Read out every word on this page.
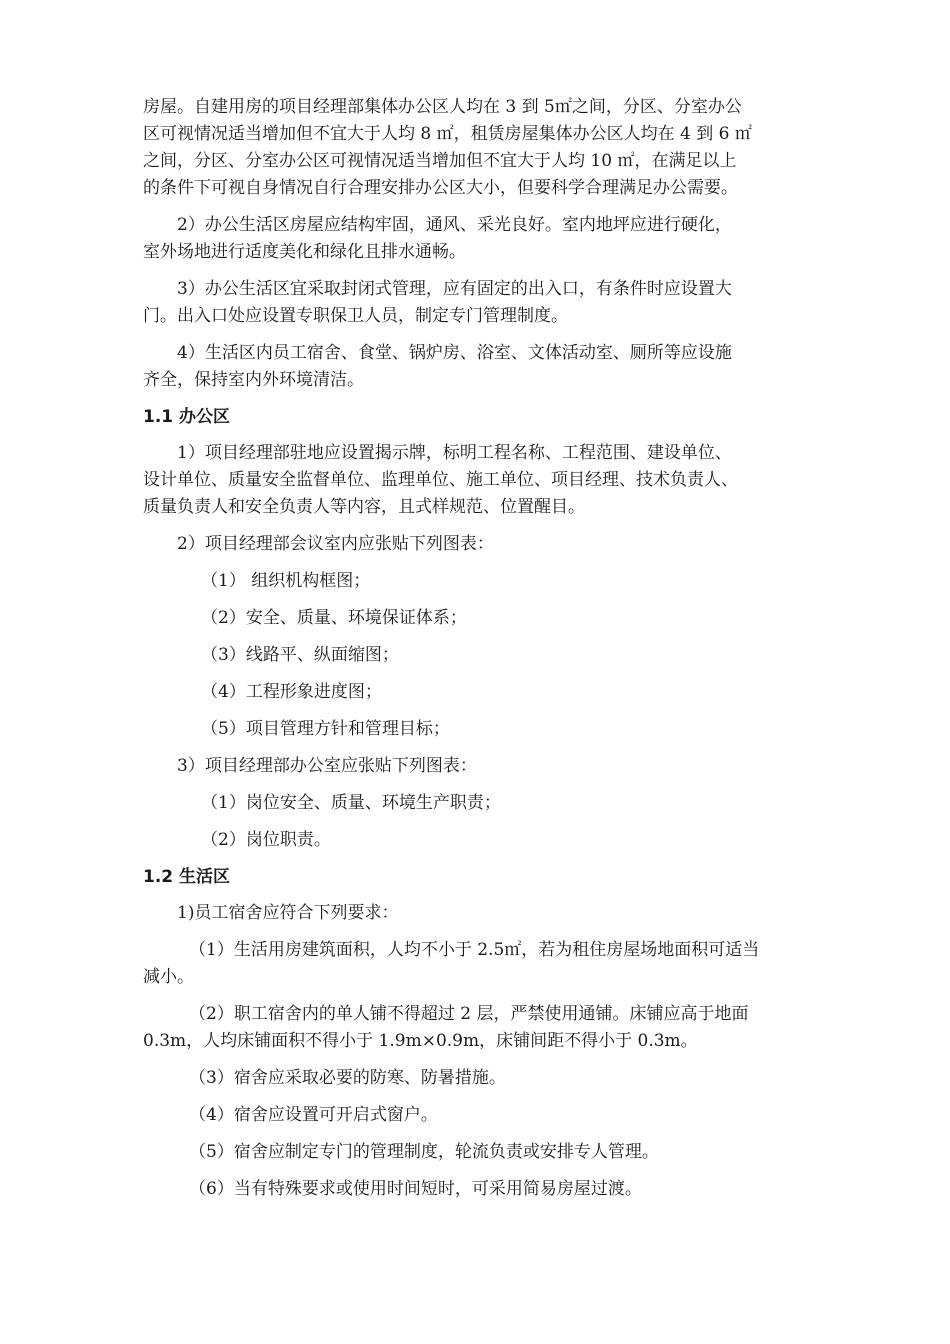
房屋。自建用房的项目经理部集体办公区人均在 3 到 5㎡之间，分区、分室办公
区可视情况适当增加但不宜大于人均 8 ㎡，租赁房屋集体办公区人均在 4 到 6 ㎡
之间，分区、分室办公区可视情况适当增加但不宜大于人均 10 ㎡，在满足以上
的条件下可视自身情况自行合理安排办公区大小，但要科学合理满足办公需要。
2）办公生活区房屋应结构牢固，通风、采光良好。室内地坪应进行硬化，
室外场地进行适度美化和绿化且排水通畅。
3）办公生活区宜采取封闭式管理，应有固定的出入口，有条件时应设置大
门。出入口处应设置专职保卫人员，制定专门管理制度。
4）生活区内员工宿舍、食堂、锅炉房、浴室、文体活动室、厕所等应设施
齐全，保持室内外环境清洁。
1.1 办公区
1）项目经理部驻地应设置揭示牌，标明工程名称、工程范围、建设单位、
设计单位、质量安全监督单位、监理单位、施工单位、项目经理、技术负责人、
质量负责人和安全负责人等内容，且式样规范、位置醒目。
2）项目经理部会议室内应张贴下列图表：
（1） 组织机构框图；
（2）安全、质量、环境保证体系；
（3）线路平、纵面缩图；
（4）工程形象进度图；
（5）项目管理方针和管理目标；
3）项目经理部办公室应张贴下列图表：
（1）岗位安全、质量、环境生产职责；
（2）岗位职责。
1.2 生活区
1)员工宿舍应符合下列要求：
（1）生活用房建筑面积，人均不小于 2.5㎡，若为租住房屋场地面积可适当
减小。
（2）职工宿舍内的单人铺不得超过 2 层，严禁使用通铺。床铺应高于地面
0.3m，人均床铺面积不得小于 1.9m×0.9m，床铺间距不得小于 0.3m。
（3）宿舍应采取必要的防寒、防暑措施。
（4）宿舍应设置可开启式窗户。
（5）宿舍应制定专门的管理制度，轮流负责或安排专人管理。
（6）当有特殊要求或使用时间短时，可采用简易房屋过渡。
